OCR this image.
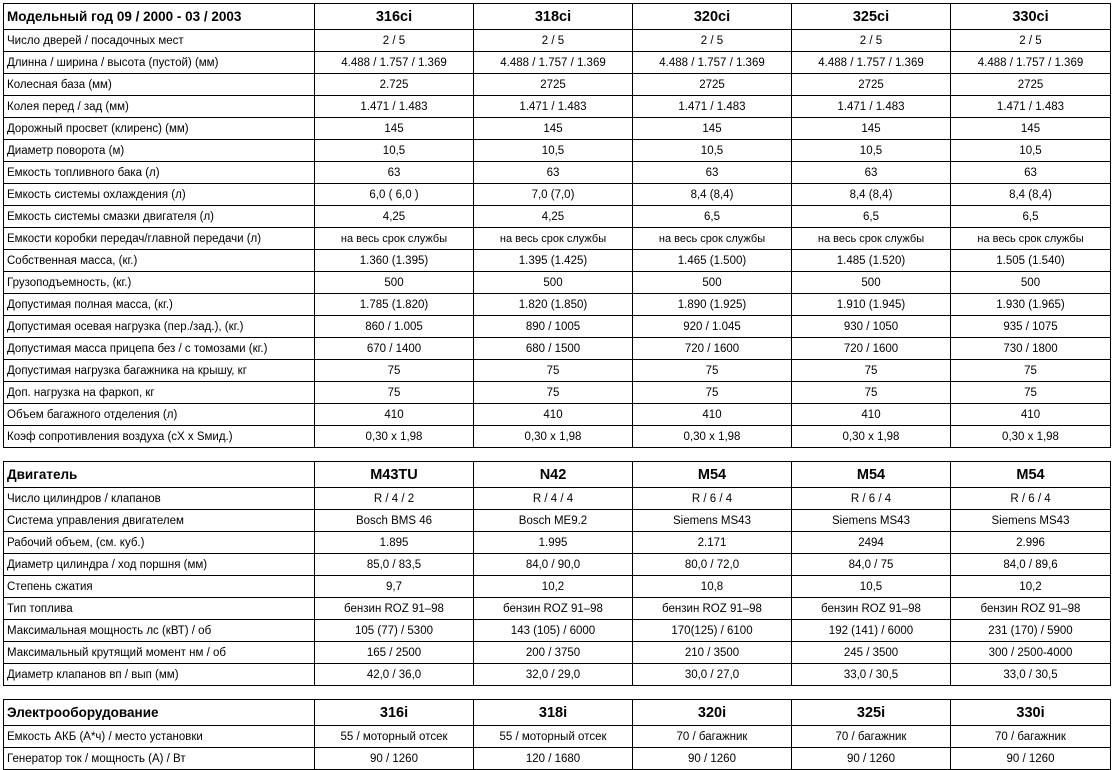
Модельный год 09 / 2000 - 03 / 2003	316ci	318ci	320ci	325ci	330ci
Число дверей / посадочных мест	2 / 5	2 / 5	2 / 5	2 / 5	2 / 5
Длинна / ширина / высота (пустой) (мм)	4.488 / 1.757 / 1.369	4.488 / 1.757 / 1.369	4.488 / 1.757 / 1.369	4.488 / 1.757 / 1.369	4.488 / 1.757 / 1.369
Колесная база (мм)	2.725	2725	2725	2725	2725
Колея перед / зад (мм)	1.471 / 1.483	1.471 / 1.483	1.471 / 1.483	1.471 / 1.483	1.471 / 1.483
Дорожный просвет (клиренс) (мм)	145	145	145	145	145
Диаметр поворота (м)	10,5	10,5	10,5	10,5	10,5
Емкость топливного бака (л)	63	63	63	63	63
Емкость системы охлаждения (л)	6,0 ( 6,0 )	7,0 (7,0)	8,4 (8,4)	8,4 (8,4)	8,4 (8,4)
Емкость системы смазки двигателя (л)	4,25	4,25	6,5	6,5	6,5
Емкости коробки передач/главной передачи (л)	на весь срок службы	на весь срок службы	на весь срок службы	на весь срок службы	на весь срок службы
Собственная масса, (кг.)	1.360 (1.395)	1.395 (1.425)	1.465 (1.500)	1.485 (1.520)	1.505 (1.540)
Грузоподъемность, (кг.)	500	500	500	500	500
Допустимая полная масса, (кг.)	1.785 (1.820)	1.820 (1.850)	1.890 (1.925)	1.910 (1.945)	1.930 (1.965)
Допустимая осевая нагрузка (пер./зад.), (кг.)	860 / 1.005	890 / 1005	920 / 1.045	930 / 1050	935 / 1075
Допустимая масса прицепа без / с томозами (кг.)	670 / 1400	680 / 1500	720 / 1600	720 / 1600	730 / 1800
Допустимая нагрузка багажника на крышу, кг	75	75	75	75	75
Доп. нагрузка на фаркоп, кг	75	75	75	75	75
Объем багажного отделения (л)	410	410	410	410	410
Коэф сопротивления воздуха (сХ х Ѕмид.)	0,30 х 1,98	0,30 х 1,98	0,30 х 1,98	0,30 х 1,98	0,30 х 1,98
Двигатель	M43TU	N42	M54	M54	M54
Число цилиндров / клапанов	R / 4 / 2	R / 4 / 4	R / 6 / 4	R / 6 / 4	R / 6 / 4
Система управления двигателем	Bosch BMS 46	Bosch ME9.2	Siemens MS43	Siemens MS43	Siemens MS43
Рабочий объем, (см. куб.)	1.895	1.995	2.171	2494	2.996
Диаметр цилиндра / ход поршня (мм)	85,0 / 83,5	84,0 / 90,0	80,0 / 72,0	84,0 / 75	84,0 / 89,6
Степень сжатия	9,7	10,2	10,8	10,5	10,2
Тип топлива	бензин ROZ 91–98	бензин ROZ 91–98	бензин ROZ 91–98	бензин ROZ 91–98	бензин ROZ 91–98
Максимальная мощность лс (кВТ) / об	105 (77) / 5300	143 (105) / 6000	170(125) / 6100	192 (141) / 6000	231 (170) / 5900
Максимальный крутящий момент нм / об	165 / 2500	200 / 3750	210 / 3500	245 / 3500	300 / 2500-4000
Диаметр клапанов вп / вып (мм)	42,0 / 36,0	32,0 / 29,0	30,0 / 27,0	33,0 / 30,5	33,0 / 30,5
Электрооборудование	316i	318i	320i	325i	330i
Емкость АКБ (А*ч) / место установки	55 / моторный отсек	55 / моторный отсек	70 / багажник	70 / багажник	70 / багажник
Генератор ток / мощность (А) / Вт	90 / 1260	120 / 1680	90 / 1260	90 / 1260	90 / 1260
